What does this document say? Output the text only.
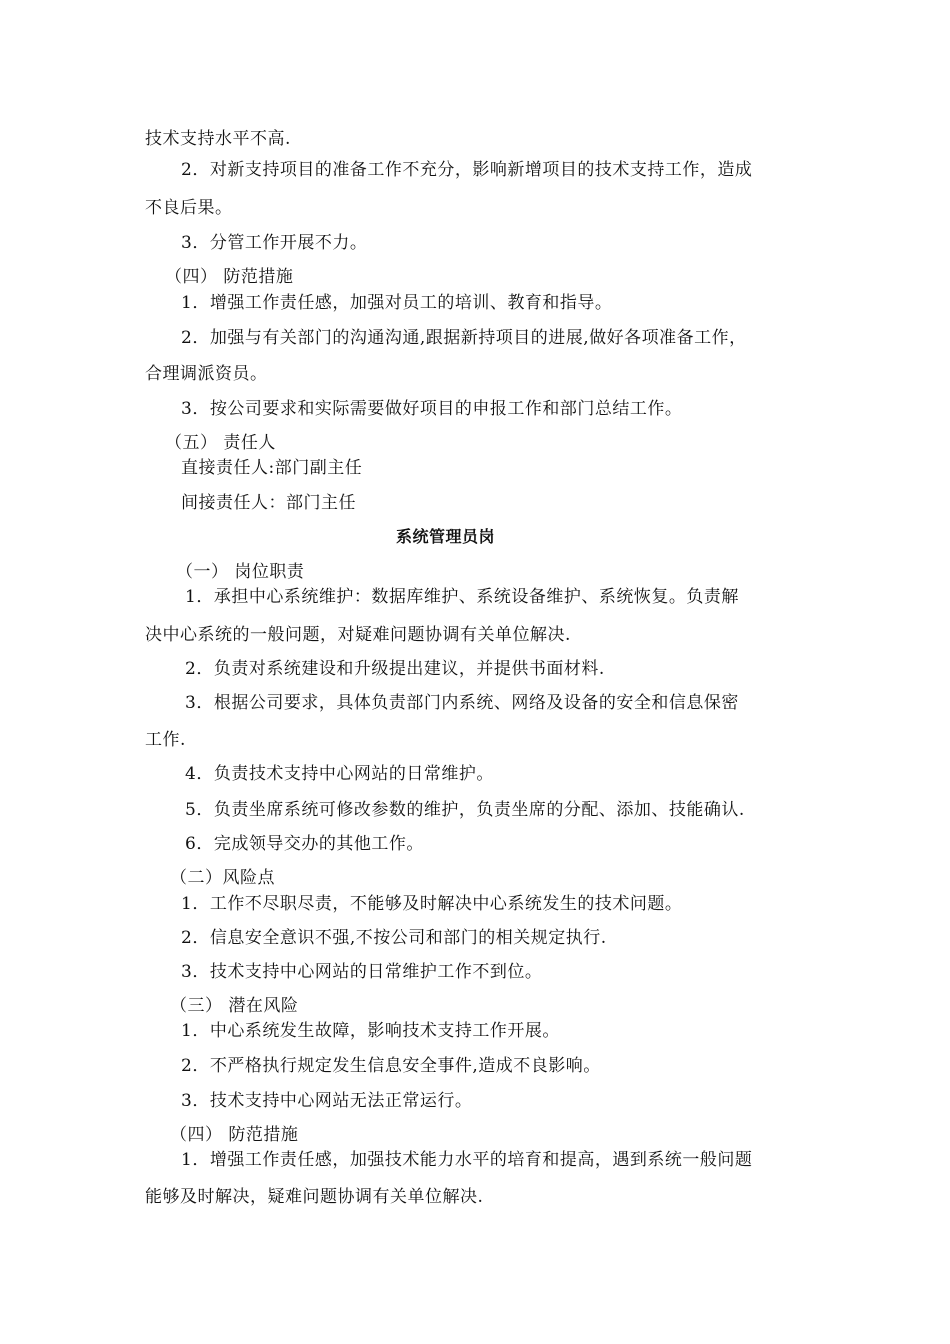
技术支持水平不高.
2．对新支持项目的准备工作不充分，影响新增项目的技术支持工作，造成
不良后果。
3．分管工作开展不力。
（四） 防范措施
1．增强工作责任感，加强对员工的培训、教育和指导。
2．加强与有关部门的沟通沟通,跟据新持项目的进展,做好各项准备工作，
合理调派资员。
3．按公司要求和实际需要做好项目的申报工作和部门总结工作。
（五） 责任人
直接责任人:部门副主任
间接责任人：部门主任
系统管理员岗
（一） 岗位职责
1．承担中心系统维护：数据库维护、系统设备维护、系统恢复。负责解
决中心系统的一般问题，对疑难问题协调有关单位解决.
2．负责对系统建设和升级提出建议，并提供书面材料.
3．根据公司要求，具体负责部门内系统、网络及设备的安全和信息保密
工作.
4．负责技术支持中心网站的日常维护。
5．负责坐席系统可修改参数的维护，负责坐席的分配、添加、技能确认.
6．完成领导交办的其他工作。
（二）风险点
1．工作不尽职尽责，不能够及时解决中心系统发生的技术问题。
2．信息安全意识不强,不按公司和部门的相关规定执行.
3．技术支持中心网站的日常维护工作不到位。
（三） 潜在风险
1．中心系统发生故障，影响技术支持工作开展。
2．不严格执行规定发生信息安全事件,造成不良影响。
3．技术支持中心网站无法正常运行。
（四） 防范措施
1．增强工作责任感，加强技术能力水平的培育和提高，遇到系统一般问题
能够及时解决，疑难问题协调有关单位解决.
